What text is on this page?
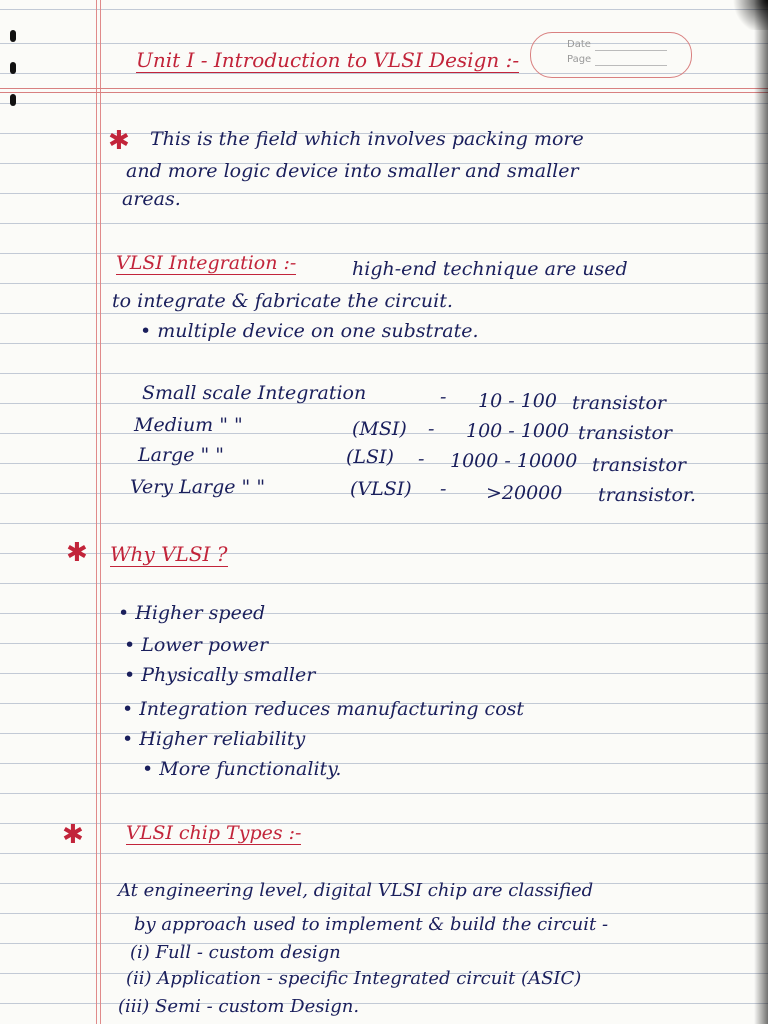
Date
Page
Unit I - Introduction to VLSI Design :-
✱ This is the field which involves packing more
and more logic device into smaller and smaller
areas.
VLSI Integration :-	high-end technique are used
to integrate & fabricate the circuit.
• multiple device on one substrate.
Small scale Integration	- 10 - 100 transistor
Medium " "	(MSI) - 100 - 1000 transistor
Large " "	(LSI) - 1000 - 10000 transistor
Very Large " "	(VLSI) - >20000 transistor.
✱ Why VLSI ?
• Higher speed
• Lower power
• Physically smaller
• Integration reduces manufacturing cost
• Higher reliability
• More functionality.
✱ VLSI chip Types :-
At engineering level, digital VLSI chip are classified
by approach used to implement & build the circuit -
(i) Full - custom design
(ii) Application - specific Integrated circuit (ASIC)
(iii) Semi - custom Design.
